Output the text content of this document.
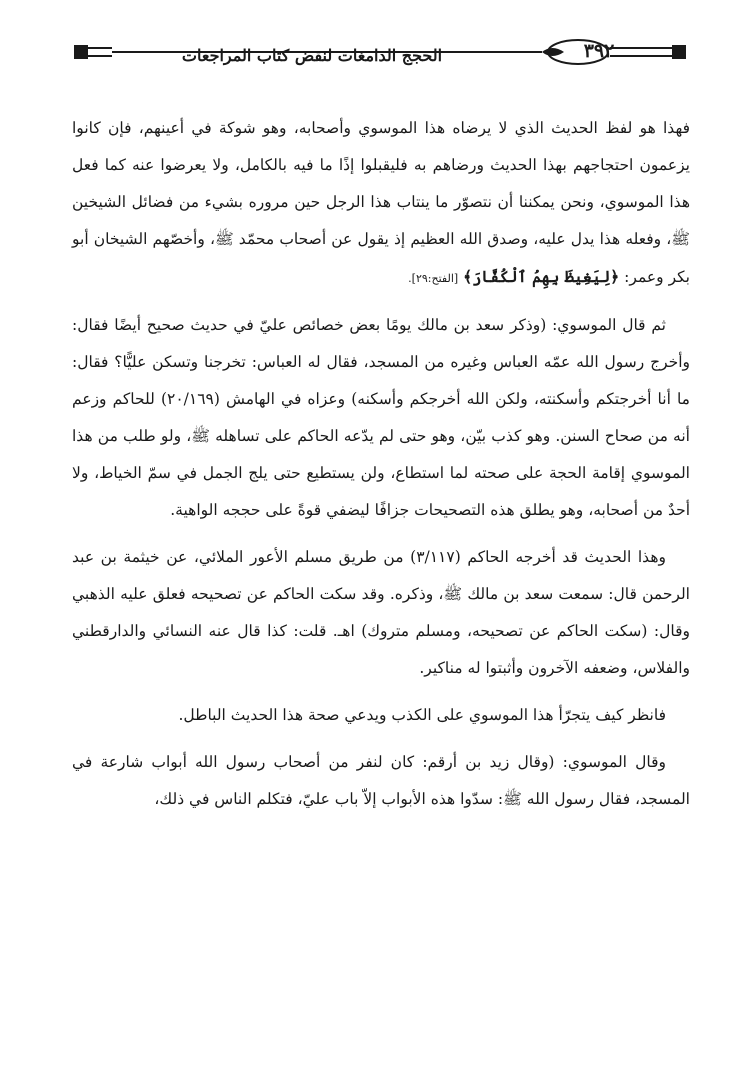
٣٩٢
الحجج الدامغات لنقض كتاب المراجعات

فهذا هو لفظ الحديث الذي لا يرضاه هذا الموسوي وأصحابه، وهو شوكة في أعينهم، فإن كانوا يزعمون احتجاجهم بهذا الحديث ورضاهم به فليقبلوا إذًا ما فيه بالكامل، ولا يعرضوا عنه كما فعل هذا الموسوي، ونحن يمكننا أن نتصوّر ما ينتاب هذا الرجل حين مروره بشيء من فضائل الشيخين ﷺ، وفعله هذا يدل عليه، وصدق الله العظيم إذ يقول عن أصحاب محمّد ﷺ، وأخصّهم الشيخان أبو بكر وعمر: ﴿لِيَغِيظَ بِهِمُ ٱلْكُفَّارَ﴾ [الفتح:٢٩].

ثم قال الموسوي: (وذكر سعد بن مالك يومًا بعض خصائص عليّ في حديث صحيح أيضًا فقال: وأخرج رسول الله عمّه العباس وغيره من المسجد، فقال له العباس: تخرجنا وتسكن عليًّا؟ فقال: ما أنا أخرجتكم وأسكنته، ولكن الله أخرجكم وأسكنه) وعزاه في الهامش (٢٠/١٦٩) للحاكم وزعم أنه من صحاح السنن. وهو كذب بيّن، وهو حتى لم يدّعه الحاكم على تساهله ﷺ، ولو طلب من هذا الموسوي إقامة الحجة على صحته لما استطاع، ولن يستطيع حتى يلج الجمل في سمّ الخياط، ولا أحدٌ من أصحابه، وهو يطلق هذه التصحيحات جزافًا ليضفي قوةً على حججه الواهية.

وهذا الحديث قد أخرجه الحاكم (٣/١١٧) من طريق مسلم الأعور الملائي، عن خيثمة بن عبد الرحمن قال: سمعت سعد بن مالك ﷺ، وذكره. وقد سكت الحاكم عن تصحيحه فعلق عليه الذهبي وقال: (سكت الحاكم عن تصحيحه، ومسلم متروك) اهـ. قلت: كذا قال عنه النسائي والدارقطني والفلاس، وضعفه الآخرون وأثبتوا له مناكير.

فانظر كيف يتجرّأ هذا الموسوي على الكذب ويدعي صحة هذا الحديث الباطل.

وقال الموسوي: (وقال زيد بن أرقم: كان لنفر من أصحاب رسول الله أبواب شارعة في المسجد، فقال رسول الله ﷺ: سدّوا هذه الأبواب إلاّ باب عليّ، فتكلم الناس في ذلك،
